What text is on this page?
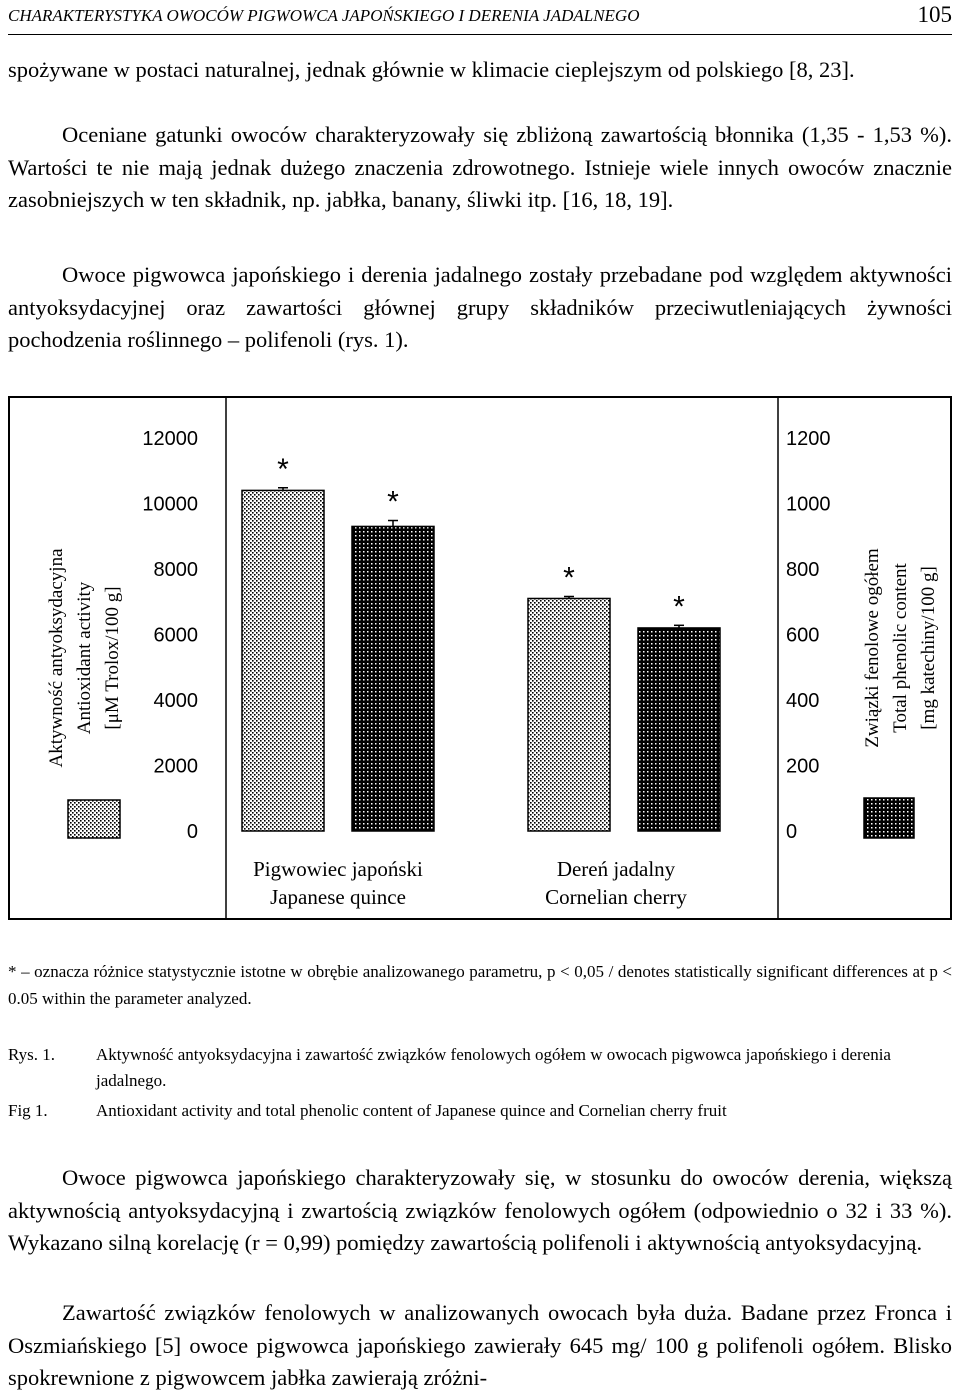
CHARAKTERYSTYKA OWOCÓW PIGWOWCA JAPOŃSKIEGO I DERENIA JADALNEGO	105

spożywane w postaci naturalnej, jednak głównie w klimacie cieplejszym od polskiego [8, 23].

Oceniane gatunki owoców charakteryzowały się zbliżoną zawartością błonnika (1,35 - 1,53 %). Wartości te nie mają jednak dużego znaczenia zdrowotnego. Istnieje wiele innych owoców znacznie zasobniejszych w ten składnik, np. jabłka, banany, śliwki itp. [16, 18, 19].

Owoce pigwowca japońskiego i derenia jadalnego zostały przebadane pod względem aktywności antyoksydacyjnej oraz zawartości głównej grupy składników przeciwutleniających żywności pochodzenia roślinnego – polifenoli (rys. 1).

0
2000
4000
6000
8000
10000
12000
0
200
400
600
800
1000
1200
*
*
*
*
Pigwowiec japoński
Japanese quince
Dereń jadalny
Cornelian cherry
Aktywność antyoksydacyjna Antioxidant activity [μM Trolox/100 g]	Związki fenolowe ogółem Total phenolic content [mg katechiny/100 g]

* – oznacza różnice statystycznie istotne w obrębie analizowanego parametru, p < 0,05 / denotes statistically significant differences at p < 0.05 within the parameter analyzed.

Rys. 1. Aktywność antyoksydacyjna i zawartość związków fenolowych ogółem w owocach pigwowca japońskiego i derenia jadalnego.
Fig 1.	Antioxidant activity and total phenolic content of Japanese quince and Cornelian cherry fruit

Owoce pigwowca japońskiego charakteryzowały się, w stosunku do owoców derenia, większą aktywnością antyoksydacyjną i zwartością związków fenolowych ogółem (odpowiednio o 32 i 33 %). Wykazano silną korelację (r = 0,99) pomiędzy zawartością polifenoli i aktywnością antyoksydacyjną.

Zawartość związków fenolowych w analizowanych owocach była duża. Badane przez Fronca i Oszmiańskiego [5] owoce pigwowca japońskiego zawierały 645 mg/ 100 g polifenoli ogółem. Blisko spokrewnione z pigwowcem jabłka zawierają zróżni-
